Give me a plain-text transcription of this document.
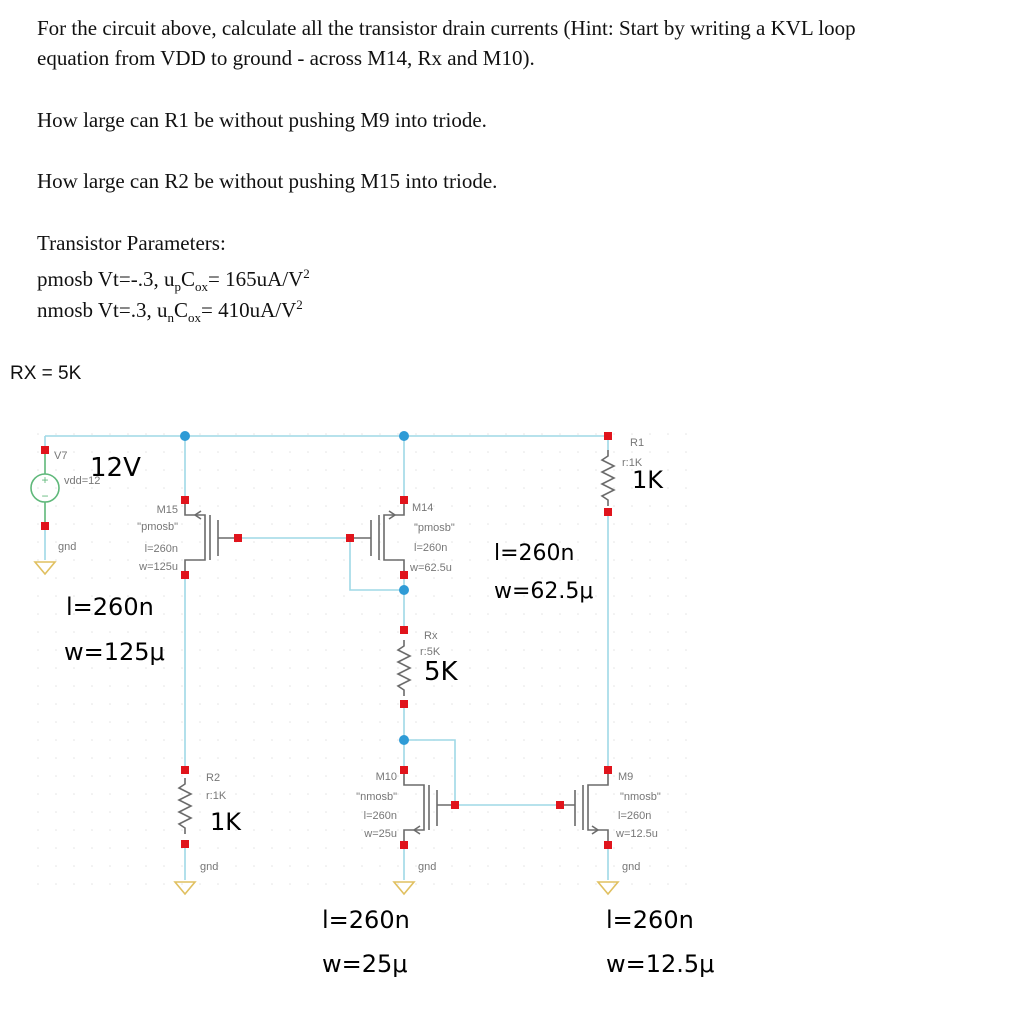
For the circuit above, calculate all the transistor drain currents (Hint: Start by writing a KVL loop
equation from VDD to ground - across M14, Rx and M10).
How large can R1 be without pushing M9 into triode.
How large can R2 be without pushing M15 into triode.
Transistor Parameters:
pmosb Vt=-.3, $u_pC_{ox}= 165uA/V^2$
nmosb Vt=.3, $u_nC_{ox}= 410uA/V^2$
RX = 5K
+
−
V7
vdd=12
gnd
M15
"pmosb"
l=260n
w=125u
M14
"pmosb"
l=260n
w=62.5u
R1
r:1K
Rx
r:5K
R2
r:1K
gnd
M10
"nmosb"
l=260n
w=25u
gnd
M9
"nmosb"
l=260n
w=12.5u
gnd
12V	1K
5K
1K
l=260n
w=125μ
l=260n
w=62.5μ
l=260n
w=25μ
l=260n
w=12.5μ
